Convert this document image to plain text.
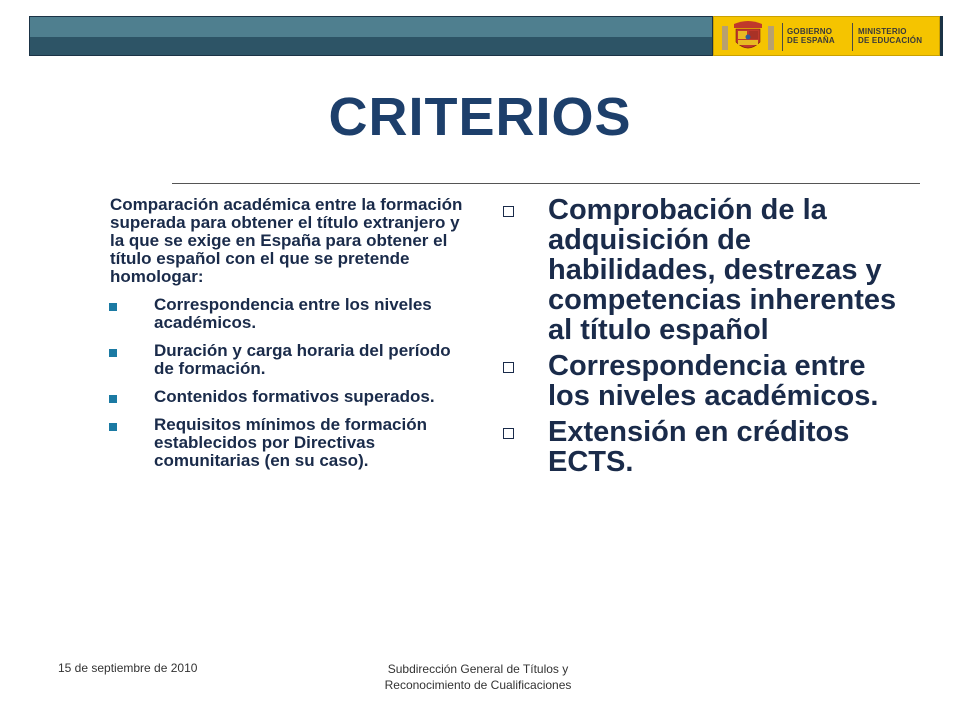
GOBIERNO
DE ESPAÑA
MINISTERIO
DE EDUCACIÓN
CRITERIOS

Comparación académica entre la formación superada para obtener el título extranjero y la que se exige en España para obtener el título español con el que se pretende homologar:

Correspondencia entre los niveles académicos.
Duración y carga horaria del período de formación.
Contenidos formativos superados.
Requisitos mínimos de formación establecidos por Directivas comunitarias (en su caso).
Comprobación de la adquisición de habilidades, destrezas y competencias inherentes al título español
Correspondencia entre los niveles académicos.
Extensión en créditos ECTS.
15 de septiembre de 2010	Subdirección General de Títulos y
Reconocimiento de Cualificaciones
